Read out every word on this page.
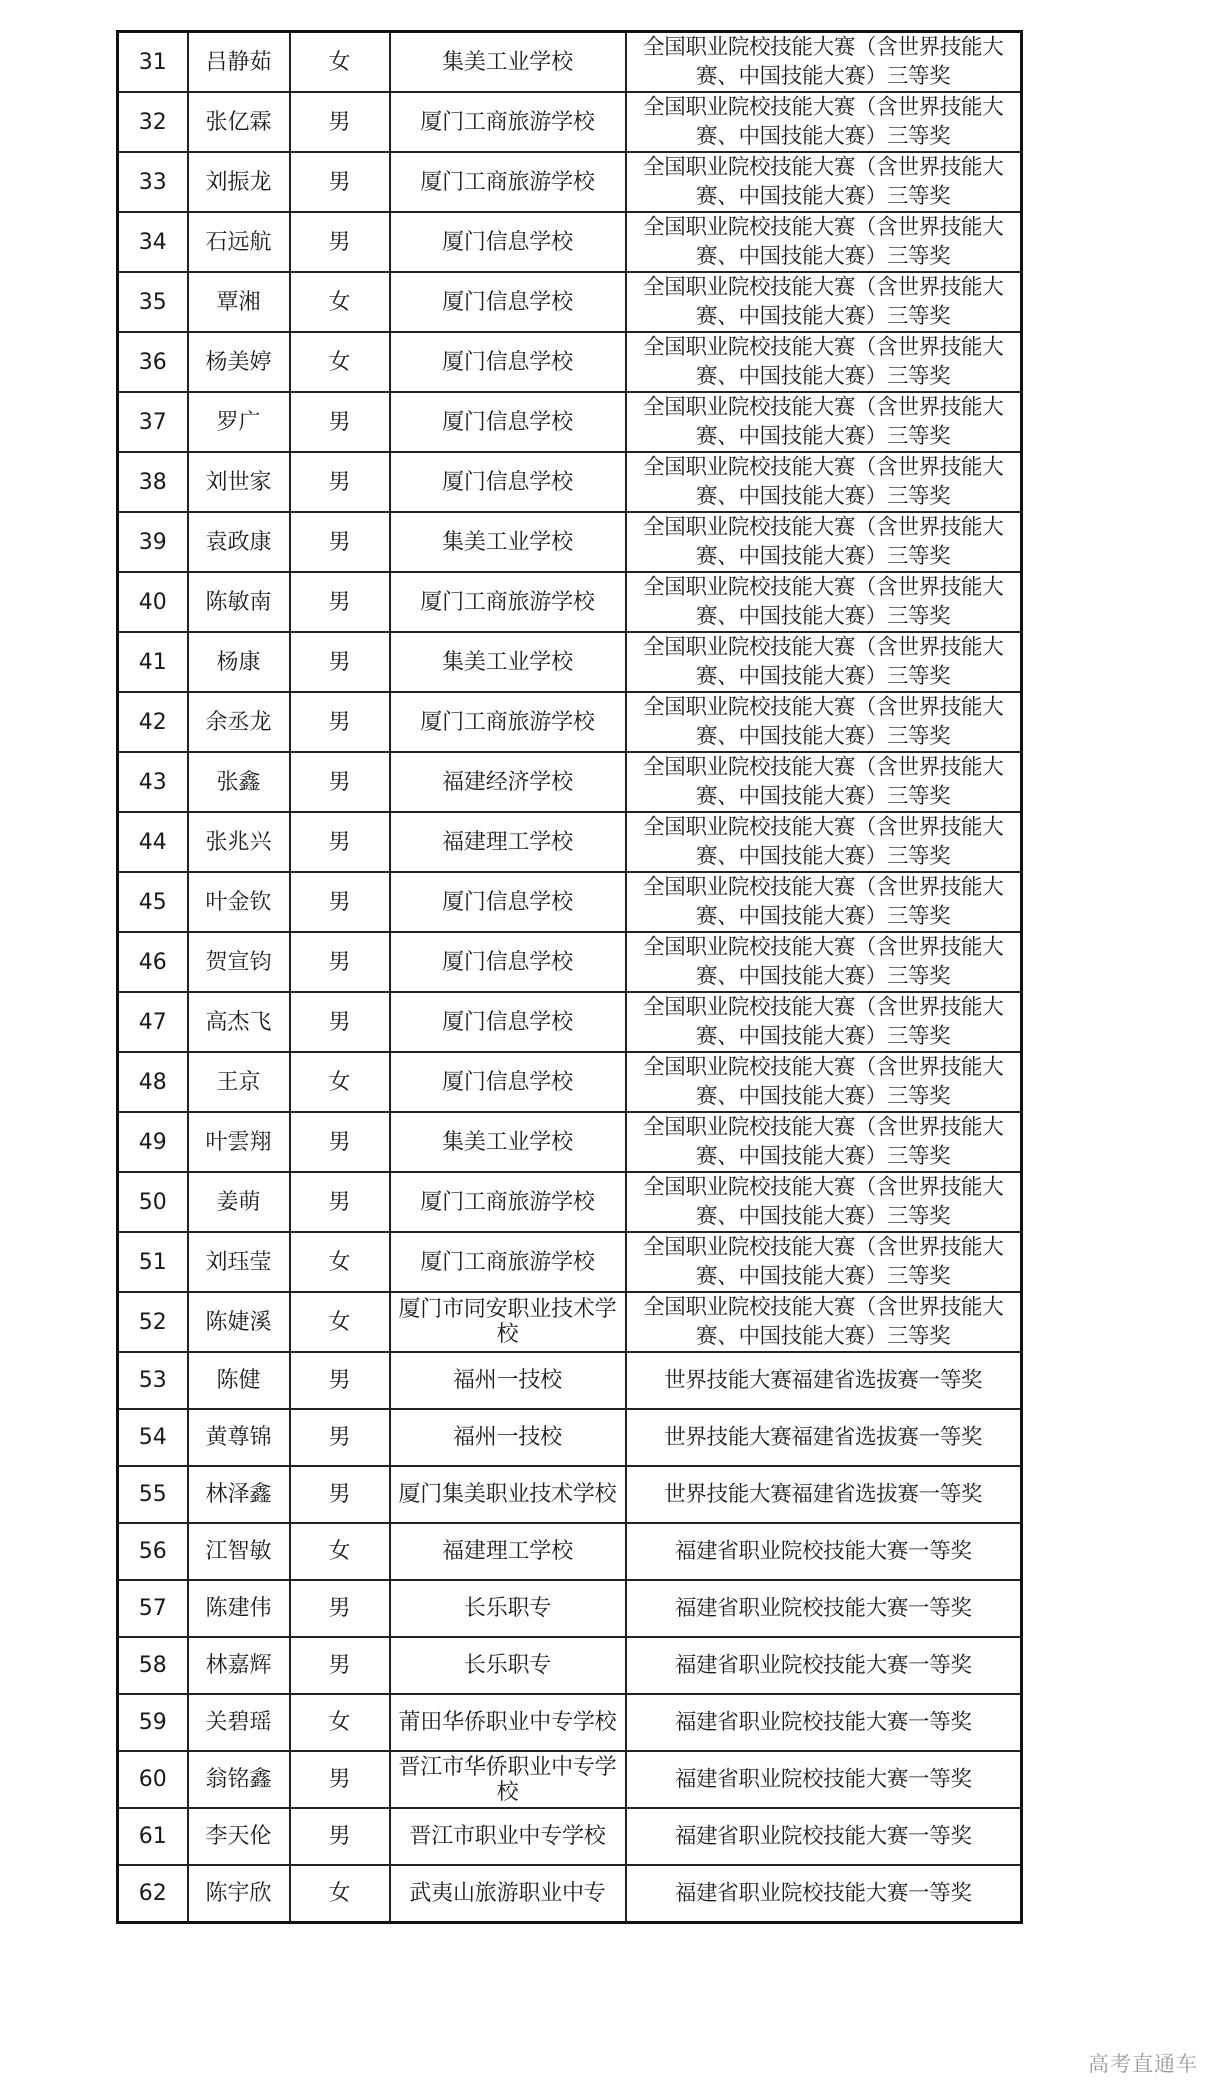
31	吕静茹	女	集美工业学校	全国职业院校技能大赛（含世界技能大赛、中国技能大赛）三等奖
32	张亿霖	男	厦门工商旅游学校	全国职业院校技能大赛（含世界技能大赛、中国技能大赛）三等奖
33	刘振龙	男	厦门工商旅游学校	全国职业院校技能大赛（含世界技能大赛、中国技能大赛）三等奖
34	石远航	男	厦门信息学校	全国职业院校技能大赛（含世界技能大赛、中国技能大赛）三等奖
35	覃湘	女	厦门信息学校	全国职业院校技能大赛（含世界技能大赛、中国技能大赛）三等奖
36	杨美婷	女	厦门信息学校	全国职业院校技能大赛（含世界技能大赛、中国技能大赛）三等奖
37	罗广	男	厦门信息学校	全国职业院校技能大赛（含世界技能大赛、中国技能大赛）三等奖
38	刘世家	男	厦门信息学校	全国职业院校技能大赛（含世界技能大赛、中国技能大赛）三等奖
39	袁政康	男	集美工业学校	全国职业院校技能大赛（含世界技能大赛、中国技能大赛）三等奖
40	陈敏南	男	厦门工商旅游学校	全国职业院校技能大赛（含世界技能大赛、中国技能大赛）三等奖
41	杨康	男	集美工业学校	全国职业院校技能大赛（含世界技能大赛、中国技能大赛）三等奖
42	余丞龙	男	厦门工商旅游学校	全国职业院校技能大赛（含世界技能大赛、中国技能大赛）三等奖
43	张鑫	男	福建经济学校	全国职业院校技能大赛（含世界技能大赛、中国技能大赛）三等奖
44	张兆兴	男	福建理工学校	全国职业院校技能大赛（含世界技能大赛、中国技能大赛）三等奖
45	叶金钦	男	厦门信息学校	全国职业院校技能大赛（含世界技能大赛、中国技能大赛）三等奖
46	贺宣钧	男	厦门信息学校	全国职业院校技能大赛（含世界技能大赛、中国技能大赛）三等奖
47	高杰飞	男	厦门信息学校	全国职业院校技能大赛（含世界技能大赛、中国技能大赛）三等奖
48	王京	女	厦门信息学校	全国职业院校技能大赛（含世界技能大赛、中国技能大赛）三等奖
49	叶雲翔	男	集美工业学校	全国职业院校技能大赛（含世界技能大赛、中国技能大赛）三等奖
50	姜萌	男	厦门工商旅游学校	全国职业院校技能大赛（含世界技能大赛、中国技能大赛）三等奖
51	刘珏莹	女	厦门工商旅游学校	全国职业院校技能大赛（含世界技能大赛、中国技能大赛）三等奖
52	陈婕溪	女	厦门市同安职业技术学校	全国职业院校技能大赛（含世界技能大赛、中国技能大赛）三等奖
53	陈健	男	福州一技校	世界技能大赛福建省选拔赛一等奖
54	黄尊锦	男	福州一技校	世界技能大赛福建省选拔赛一等奖
55	林泽鑫	男	厦门集美职业技术学校	世界技能大赛福建省选拔赛一等奖
56	江智敏	女	福建理工学校	福建省职业院校技能大赛一等奖
57	陈建伟	男	长乐职专	福建省职业院校技能大赛一等奖
58	林嘉辉	男	长乐职专	福建省职业院校技能大赛一等奖
59	关碧瑶	女	莆田华侨职业中专学校	福建省职业院校技能大赛一等奖
60	翁铭鑫	男	晋江市华侨职业中专学校	福建省职业院校技能大赛一等奖
61	李天伦	男	晋江市职业中专学校	福建省职业院校技能大赛一等奖
62	陈宇欣	女	武夷山旅游职业中专	福建省职业院校技能大赛一等奖
高考直通车
